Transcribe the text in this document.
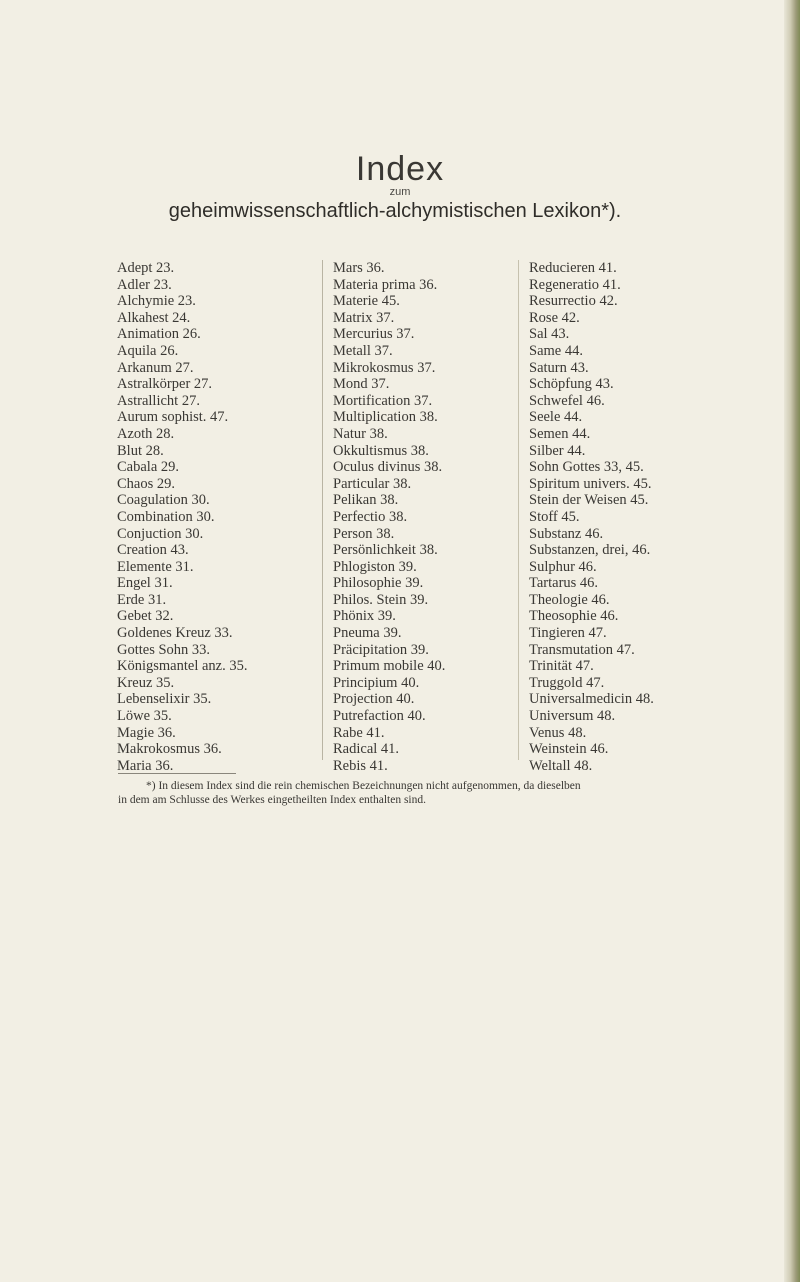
Index
zum
geheimwissenschaftlich-alchymistischen Lexikon*).
Adept 23.
Adler 23.
Alchymie 23.
Alkahest 24.
Animation 26.
Aquila 26.
Arkanum 27.
Astralkörper 27.
Astrallicht 27.
Aurum sophist. 47.
Azoth 28.
Blut 28.
Cabala 29.
Chaos 29.
Coagulation 30.
Combination 30.
Conjuction 30.
Creation 43.
Elemente 31.
Engel 31.
Erde 31.
Gebet 32.
Goldenes Kreuz 33.
Gottes Sohn 33.
Königsmantel anz. 35.
Kreuz 35.
Lebenselixir 35.
Löwe 35.
Magie 36.
Makrokosmus 36.
Maria 36.
Mars 36.
Materia prima 36.
Materie 45.
Matrix 37.
Mercurius 37.
Metall 37.
Mikrokosmus 37.
Mond 37.
Mortification 37.
Multiplication 38.
Natur 38.
Okkultismus 38.
Oculus divinus 38.
Particular 38.
Pelikan 38.
Perfectio 38.
Person 38.
Persönlichkeit 38.
Phlogiston 39.
Philosophie 39.
Philos. Stein 39.
Phönix 39.
Pneuma 39.
Präcipitation 39.
Primum mobile 40.
Principium 40.
Projection 40.
Putrefaction 40.
Rabe 41.
Radical 41.
Rebis 41.
Reducieren 41.
Regeneratio 41.
Resurrectio 42.
Rose 42.
Sal 43.
Same 44.
Saturn 43.
Schöpfung 43.
Schwefel 46.
Seele 44.
Semen 44.
Silber 44.
Sohn Gottes 33, 45.
Spiritum univers. 45.
Stein der Weisen 45.
Stoff 45.
Substanz 46.
Substanzen, drei, 46.
Sulphur 46.
Tartarus 46.
Theologie 46.
Theosophie 46.
Tingieren 47.
Transmutation 47.
Trinität 47.
Truggold 47.
Universalmedicin 48.
Universum 48.
Venus 48.
Weinstein 46.
Weltall 48.
*) In diesem Index sind die rein chemischen Bezeichnungen nicht aufgenommen, da dieselben
in dem am Schlusse des Werkes eingetheilten Index enthalten sind.
